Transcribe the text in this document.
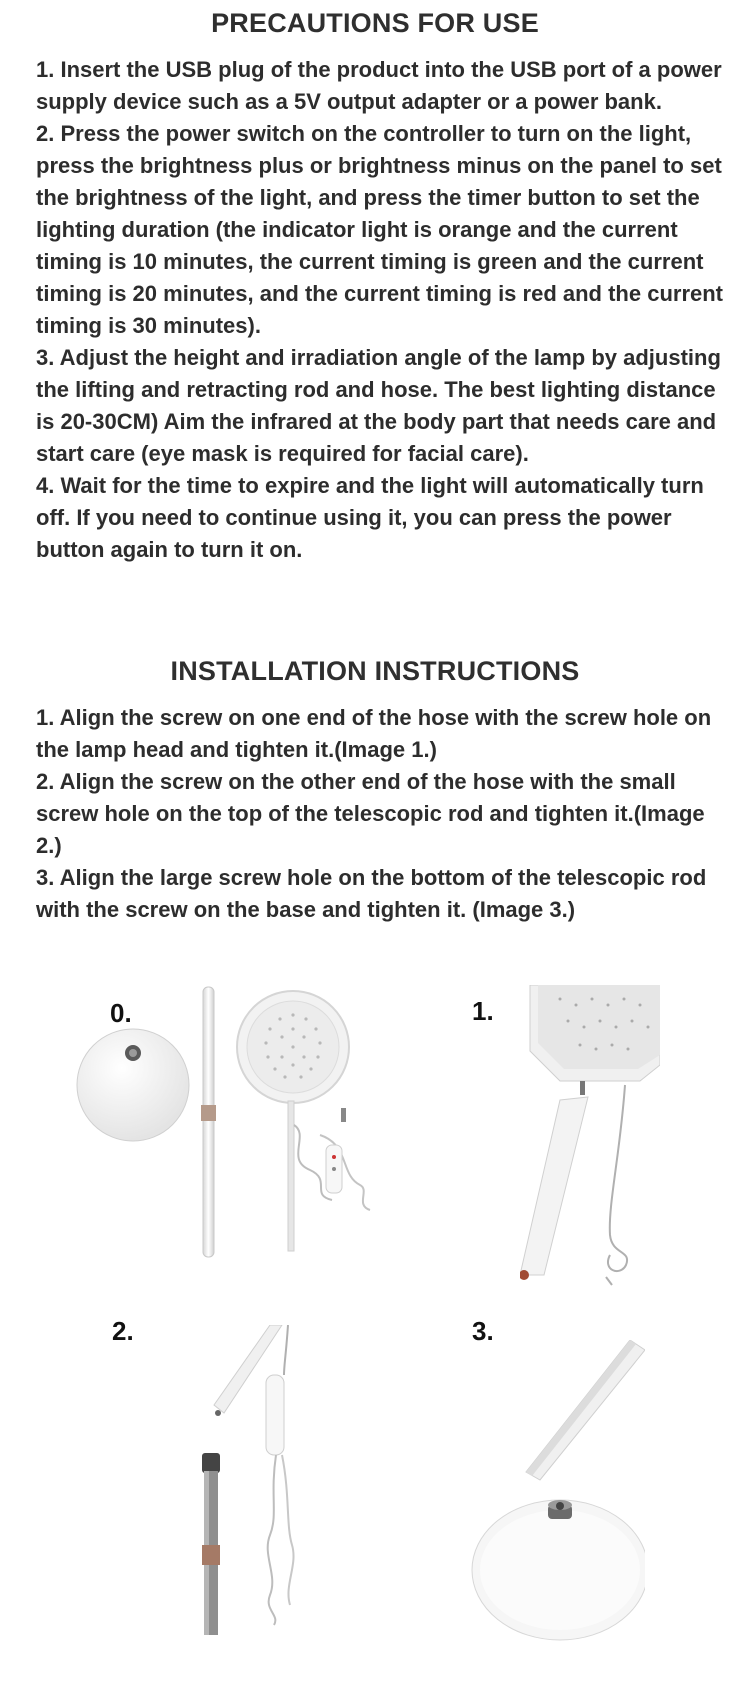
PRECAUTIONS FOR USE

1. Insert the USB plug of the product into the USB port of a power supply device such as a 5V output adapter or a power bank.

2. Press the power switch on the controller to turn on the light, press the brightness plus or brightness minus on the panel to set the brightness of the light, and press the timer button to set the lighting duration (the indicator light is orange and the current timing is 10 minutes, the current timing is green and the current timing is 20 minutes, and the current timing is red and the current timing is 30 minutes).

3. Adjust the height and irradiation angle of the lamp by adjusting the lifting and retracting rod and hose. The best lighting distance is 20-30CM) Aim the infrared at the body part that needs care and start care (eye mask is required for facial care).

4. Wait for the time to expire and the light will automatically turn off. If you need to continue using it, you can press the power button again to turn it on.

INSTALLATION INSTRUCTIONS

1. Align the screw on one end of the hose with the screw hole on the lamp head and tighten it.(Image 1.)

2. Align the screw on the other end of the hose with the small screw hole on the top of the telescopic rod and tighten it.(Image 2.)

3. Align the large screw hole on the bottom of the telescopic rod with the screw on the base and tighten it. (Image 3.)

0.	1.
2.	3.
